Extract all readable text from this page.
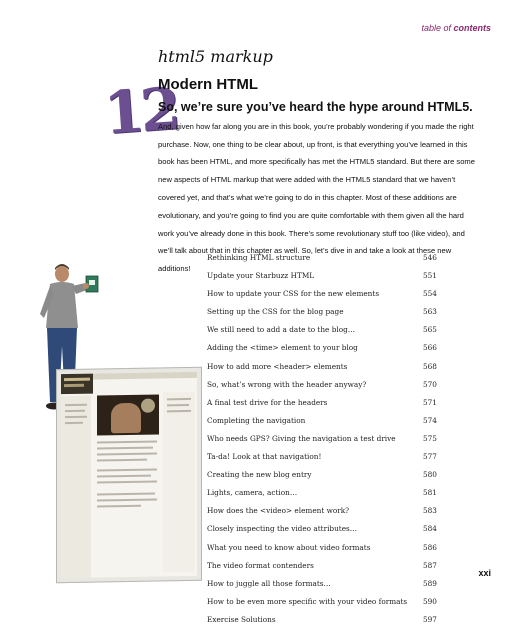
table of contents
html5 markup
12
Modern HTML
So, we’re sure you’ve heard the hype around HTML5. And, given how far along you are in this book, you’re probably wondering if you made the right purchase. Now, one thing to be clear about, up front, is that everything you’ve learned in this book has been HTML, and more specifically has met the HTML5 standard. But there are some new aspects of HTML markup that were added with the HTML5 standard that we haven’t covered yet, and that’s what we’re going to do in this chapter. Most of these additions are evolutionary, and you’re going to find you are quite comfortable with them given all the hard work you’ve already done in this book. There’s some revolutionary stuff too (like video), and we’ll talk about that in this chapter as well. So, let’s dive in and take a look at these new additions!
Rethinking HTML structure	546
Update your Starbuzz HTML	551
How to update your CSS for the new elements	554
Setting up the CSS for the blog page	563
We still need to add a date to the blog…	565
Adding the <time> element to your blog	566
How to add more <header> elements	568
So, what’s wrong with the header anyway?	570
A final test drive for the headers	571
Completing the navigation	574
Who needs GPS? Giving the navigation a test drive	575
Ta-da! Look at that navigation!	577
Creating the new blog entry	580
Lights, camera, action…	581
How does the <video> element work?	583
Closely inspecting the video attributes…	584
What you need to know about video formats	586
The video format contenders	587
How to juggle all those formats…	589
How to be even more specific with your video formats 590
Exercise Solutions	597
xxi
